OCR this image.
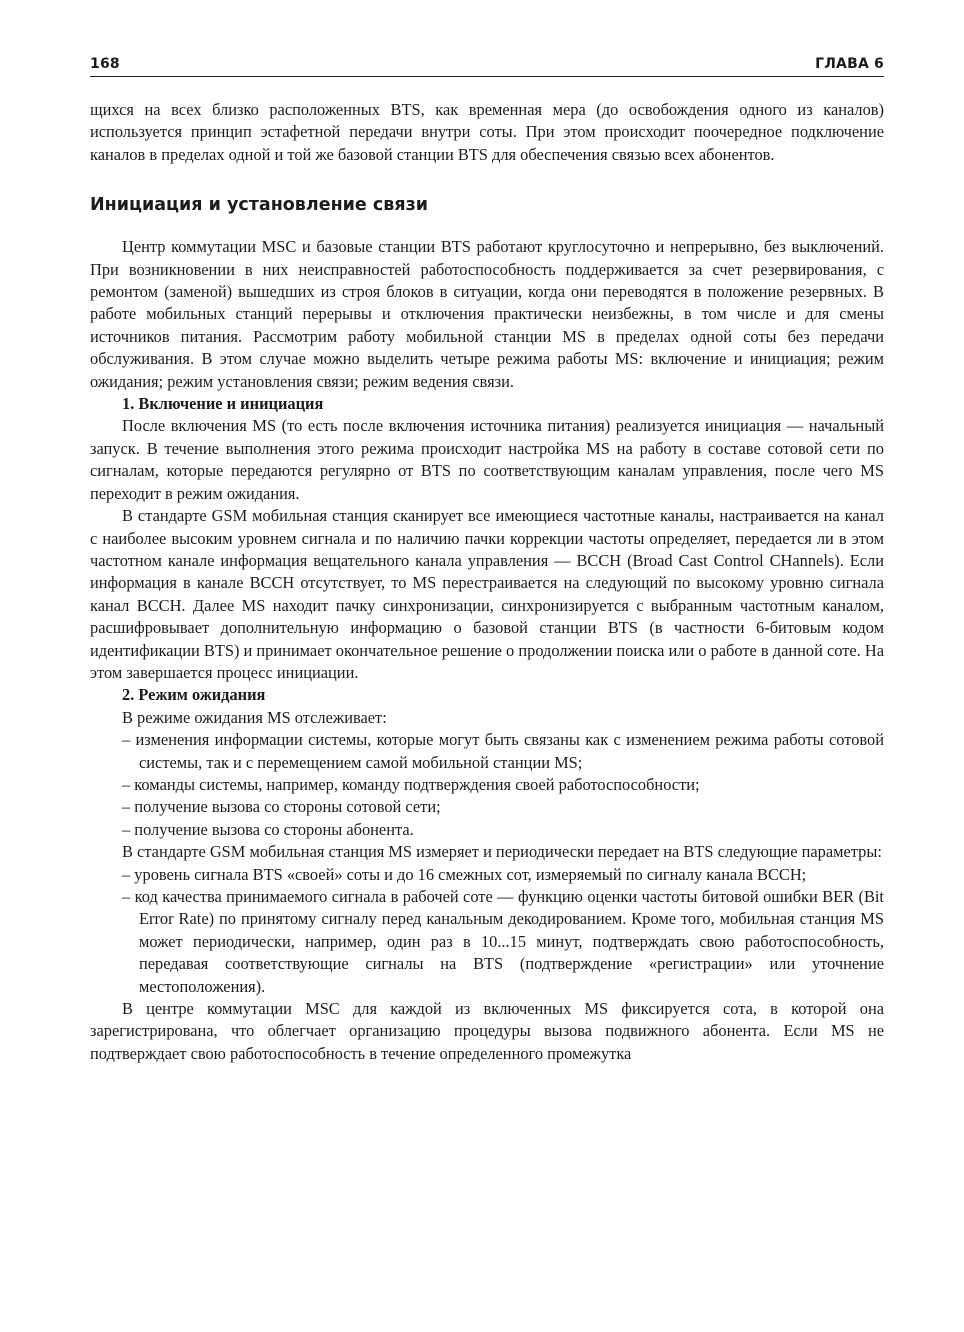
168	ГЛАВА 6

щихся на всех близко расположенных BTS, как временная мера (до освобождения одного из каналов) используется принцип эстафетной передачи внутри соты. При этом происходит поочередное подключение каналов в пределах одной и той же базовой станции BTS для обеспечения связью всех абонентов.

Инициация и установление связи

Центр коммутации MSC и базовые станции BTS работают круглосуточно и непрерывно, без выключений. При возникновении в них неисправностей работоспособность поддерживается за счет резервирования, с ремонтом (заменой) вышедших из строя блоков в ситуации, когда они переводятся в положение резервных. В работе мобильных станций перерывы и отключения практически неизбежны, в том числе и для смены источников питания. Рассмотрим работу мобильной станции MS в пределах одной соты без передачи обслуживания. В этом случае можно выделить четыре режима работы MS: включение и инициация; режим ожидания; режим установления связи; режим ведения связи.

1. Включение и инициация

После включения MS (то есть после включения источника питания) реализуется инициация — начальный запуск. В течение выполнения этого режима происходит настройка MS на работу в составе сотовой сети по сигналам, которые передаются регулярно от BTS по соответствующим каналам управления, после чего MS переходит в режим ожидания.

В стандарте GSM мобильная станция сканирует все имеющиеся частотные каналы, настраивается на канал с наиболее высоким уровнем сигнала и по наличию пачки коррекции частоты определяет, передается ли в этом частотном канале информация вещательного канала управления — BCCH (Broad Cast Control CHannels). Если информация в канале BCCH отсутствует, то MS перестраивается на следующий по высокому уровню сигнала канал BCCH. Далее MS находит пачку синхронизации, синхронизируется с выбранным частотным каналом, расшифровывает дополнительную информацию о базовой станции BTS (в частности 6-битовым кодом идентификации BTS) и принимает окончательное решение о продолжении поиска или о работе в данной соте. На этом завершается процесс инициации.

2. Режим ожидания

В режиме ожидания MS отслеживает:

– изменения информации системы, которые могут быть связаны как с изменением режима работы сотовой системы, так и с перемещением самой мобильной станции MS;
– команды системы, например, команду подтверждения своей работоспособности;
– получение вызова со стороны сотовой сети;
– получение вызова со стороны абонента.

В стандарте GSM мобильная станция MS измеряет и периодически передает на BTS следующие параметры:

– уровень сигнала BTS «своей» соты и до 16 смежных сот, измеряемый по сигналу канала BCCH;
– код качества принимаемого сигнала в рабочей соте — функцию оценки частоты битовой ошибки BER (Bit Error Rate) по принятому сигналу перед канальным декодированием. Кроме того, мобильная станция MS может периодически, например, один раз в 10...15 минут, подтверждать свою работоспособность, передавая соответствующие сигналы на BTS (подтверждение «регистрации» или уточнение местоположения).

В центре коммутации MSC для каждой из включенных MS фиксируется сота, в которой она зарегистрирована, что облегчает организацию процедуры вызова подвижного абонента. Если MS не подтверждает свою работоспособность в течение определенного промежутка
